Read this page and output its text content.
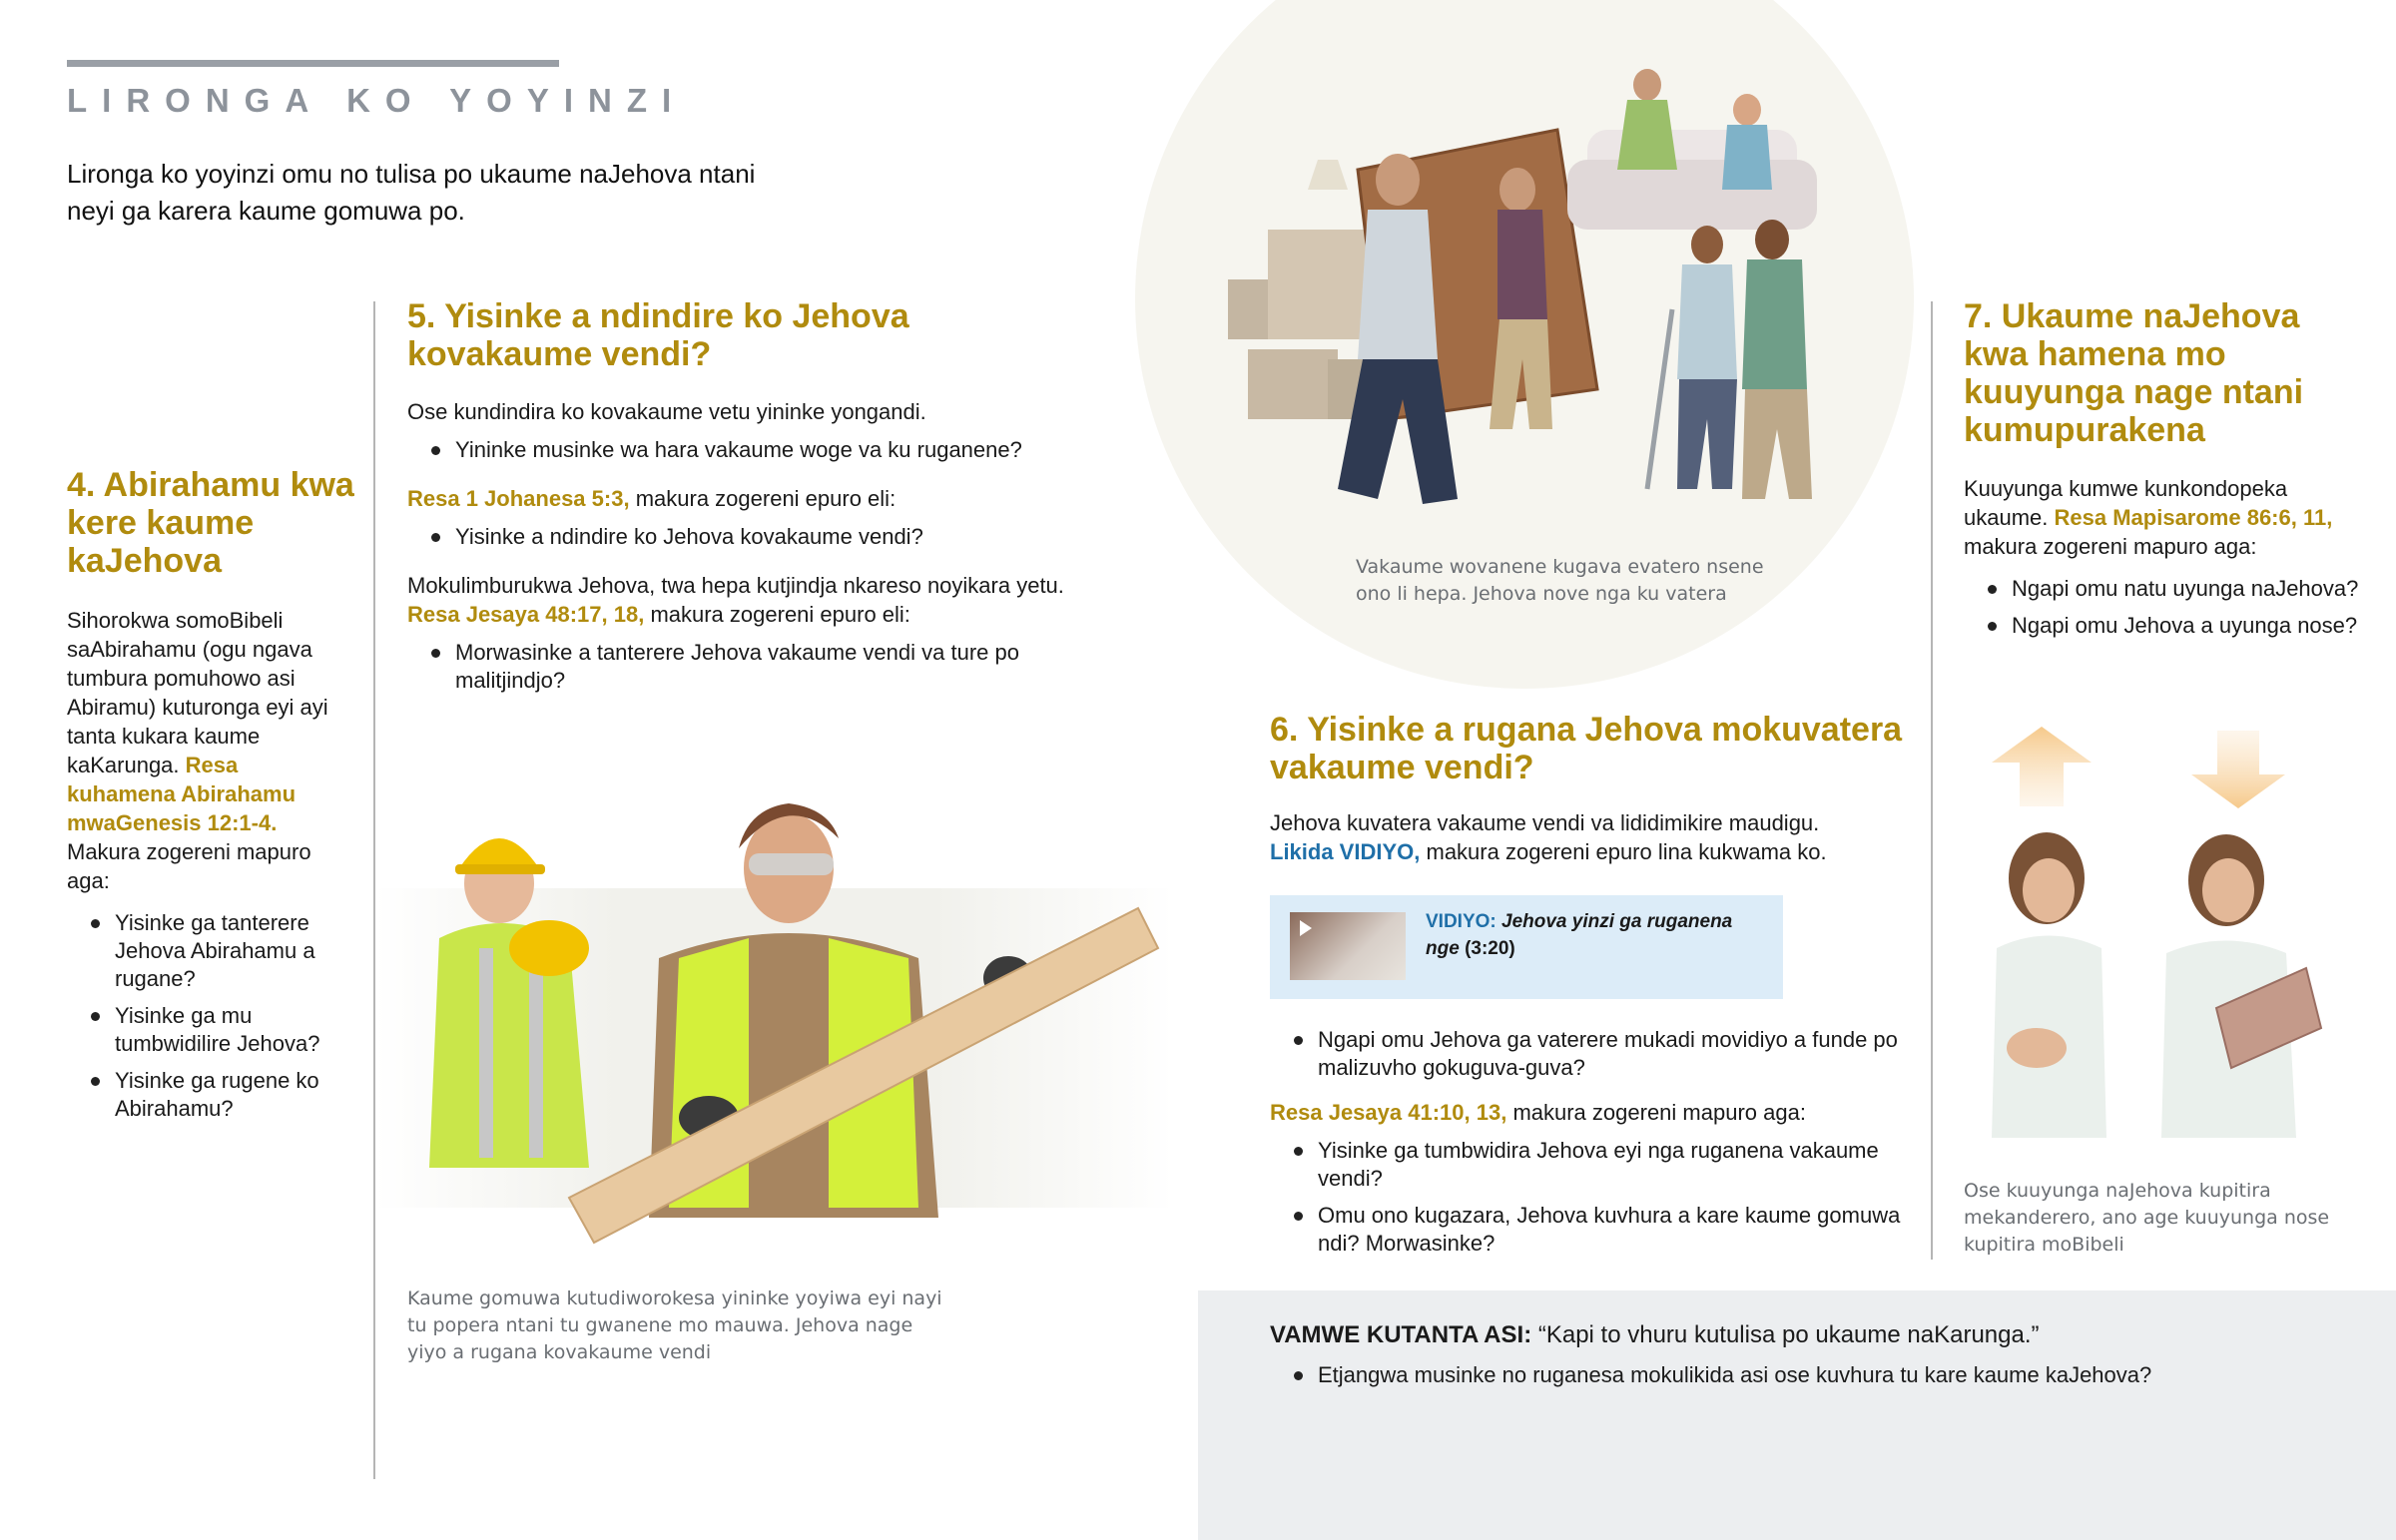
LIRONGA KO YOYINZI
Lironga ko yoyinzi omu no tulisa po ukaume naJehova ntani neyi ga karera kaume gomuwa po.
4. Abirahamu kwa kere kaume kaJehova

Sihorokwa somoBibeli saAbirahamu (ogu ngava tumbura pomuhowo asi Abiramu) kuturonga eyi ayi tanta kukara kaume kaKarunga. Resa kuhamena Abirahamu mwaGenesis 12:1-4. Makura zogereni mapuro aga:

Yisinke ga tanterere Jehova Abirahamu a rugane?
Yisinke ga mu tumbwidilire Jehova?
Yisinke ga rugene ko Abirahamu?
5. Yisinke a ndindire ko Jehova kovakaume vendi?

Ose kundindira ko kovakaume vetu yininke yongandi.

Yininke musinke wa hara vakaume woge va ku ruganene?

Resa 1 Johanesa 5:3, makura zogereni epuro eli:

Yisinke a ndindire ko Jehova kovakaume vendi?

Mokulimburukwa Jehova, twa hepa kutjindja nkareso noyikara yetu.

Resa Jesaya 48:17, 18, makura zogereni epuro eli:

Morwasinke a tanterere Jehova vakaume vendi va ture po malitjindjo?
Kaume gomuwa kutudiworokesa yininke yoyiwa eyi nayi tu popera ntani tu gwanene mo mauwa. Jehova nage yiyo a rugana kovakaume vendi
Vakaume wovanene kugava evatero nsene ono li hepa. Jehova nove nga ku vatera
6. Yisinke a rugana Jehova mokuvatera vakaume vendi?

Jehova kuvatera vakaume vendi va lididimikire maudigu.
Likida VIDIYO, makura zogereni epuro lina kukwama ko.

VIDIYO: Jehova yinzi ga ruganena nge (3:20)
Ngapi omu Jehova ga vaterere mukadi movidiyo a funde po malizuvho gokuguva-guva?

Resa Jesaya 41:10, 13, makura zogereni mapuro aga:

Yisinke ga tumbwidira Jehova eyi nga ruganena vakaume vendi?
Omu ono kugazara, Jehova kuvhura a kare kaume gomuwa ndi? Morwasinke?
7. Ukaume naJehova kwa hamena mo kuuyunga nage ntani kumupurakena

Kuuyunga kumwe kunkondopeka ukaume. Resa Mapisarome 86:6, 11, makura zogereni mapuro aga:

Ngapi omu natu uyunga naJehova?
Ngapi omu Jehova a uyunga nose?
Ose kuuyunga naJehova kupitira mekanderero, ano age kuuyunga nose kupitira moBibeli

VAMWE KUTANTA ASI: “Kapi to vhuru kutulisa po ukaume naKarunga.”

Etjangwa musinke no ruganesa mokulikida asi ose kuvhura tu kare kaume kaJehova?
